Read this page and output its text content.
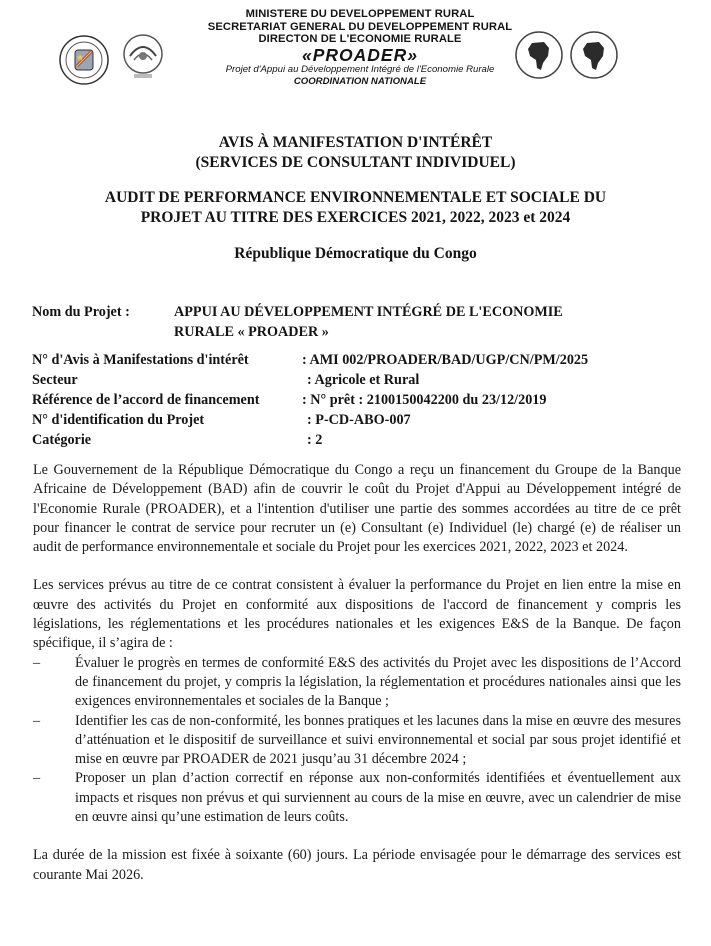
MINISTERE DU DEVELOPPEMENT RURAL
SECRETARIAT GENERAL DU DEVELOPPEMENT RURAL
DIRECTON DE L'ECONOMIE RURALE
«PROADER»
Projet d'Appui au Développement Intégré de l'Economie Rurale
COORDINATION NATIONALE
AVIS À MANIFESTATION D'INTÉRÊT
(SERVICES DE CONSULTANT INDIVIDUEL)
AUDIT DE PERFORMANCE ENVIRONNEMENTALE ET SOCIALE DU
PROJET AU TITRE DES EXERCICES 2021, 2022, 2023 et 2024
République Démocratique du Congo
Nom du Projet :	APPUI AU DÉVELOPPEMENT INTÉGRÉ DE L'ECONOMIE
RURALE « PROADER »
N° d'Avis à Manifestations d'intérêt	: AMI 002/PROADER/BAD/UGP/CN/PM/2025
Secteur	: Agricole et Rural
Référence de l’accord de financement	: N° prêt : 2100150042200 du 23/12/2019
N° d'identification du Projet	: P-CD-ABO-007
Catégorie	: 2

Le Gouvernement de la République Démocratique du Congo a reçu un financement du Groupe de la Banque Africaine de Développement (BAD) afin de couvrir le coût du Projet d'Appui au Développement intégré de l'Economie Rurale (PROADER), et a l'intention d'utiliser une partie des sommes accordées au titre de ce prêt pour financer le contrat de service pour recruter un (e) Consultant (e) Individuel (le) chargé (e) de réaliser un audit de performance environnementale et sociale du Projet pour les exercices 2021, 2022, 2023 et 2024.

Les services prévus au titre de ce contrat consistent à évaluer la performance du Projet en lien entre la mise en œuvre des activités du Projet en conformité aux dispositions de l'accord de financement y compris les législations, les réglementations et les procédures nationales et les exigences E&S de la Banque. De façon spécifique, il s’agira de :

–	Évaluer le progrès en termes de conformité E&S des activités du Projet avec les dispositions de l’Accord de financement du projet, y compris la législation, la réglementation et procédures nationales ainsi que les exigences environnementales et sociales de la Banque ;
–	Identifier les cas de non-conformité, les bonnes pratiques et les lacunes dans la mise en œuvre des mesures d’atténuation et le dispositif de surveillance et suivi environnemental et social par sous projet identifié et mise en œuvre par PROADER de 2021 jusqu’au 31 décembre 2024 ;
–	Proposer un plan d’action correctif en réponse aux non-conformités identifiées et éventuellement aux impacts et risques non prévus et qui surviennent au cours de la mise en œuvre, avec un calendrier de mise en œuvre ainsi qu’une estimation de leurs coûts.

La durée de la mission est fixée à soixante (60) jours. La période envisagée pour le démarrage des services est courante Mai 2026.
